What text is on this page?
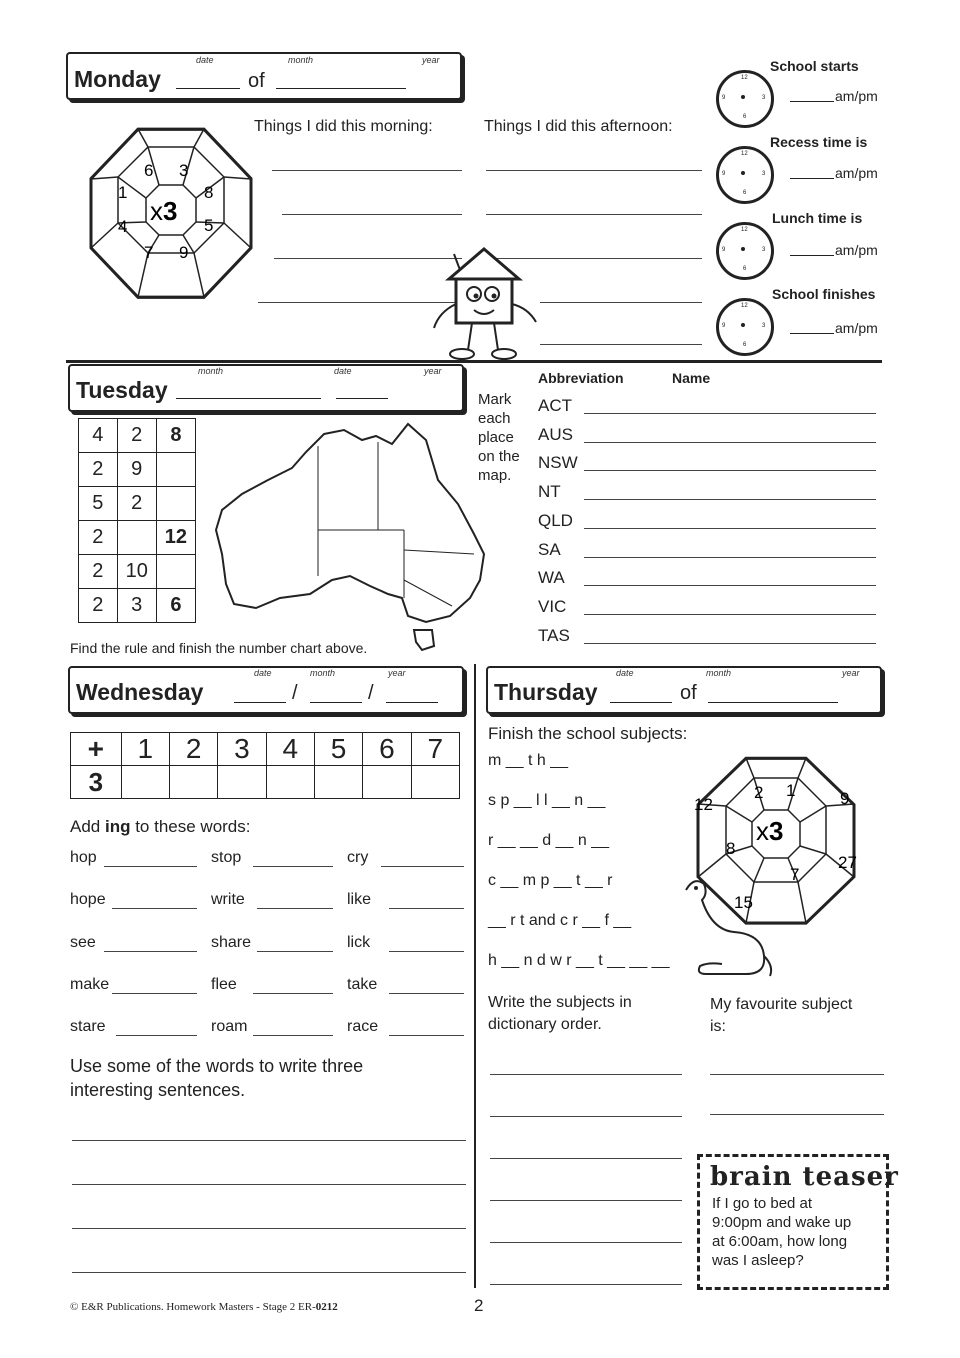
Monday
date	month	year
of
x3
6 3
8
5
9
7
4
1
Things I did this morning:	Things I did this afternoon:
12
3
6
9
12
3
6
9
12
3
6
9
12
3
6
9
School starts
am/pm
Recess time is
am/pm
Lunch time is
am/pm
School finishes
am/pm
Tuesday
month	date	year
4	2	8
2	9	
5	2	
2		12
2	10	
2	3	6
Mark each place on the map.
Abbreviation	Name
ACT
AUS
NSW
NT
QLD
SA
WA
VIC
TAS
Find the rule and finish the number chart above.
Wednesday
date	month	year
/	/
+	1	2	3	4	5	6	7
3							
Add ing to these words:
hop	stop	cry
hope	write	like
see	share	lick
make	flee	take
stare	roam	race
Use some of the words to write three
interesting sentences.
Thursday
date	month	year
of
Finish the school subjects:
m __ t h __
s p __ l l __ n __
r __ __ d __ n __
c __ m p __ t __ r
__ r t and c r __ f __
h __ n d w r __ t __ __ __
x3
2 1	9
27
7
15
8
12
Write the subjects in
dictionary order.
My favourite subject
is:
brain teaser
If I go to bed at
9:00pm and wake up
at 6:00am, how long
was I asleep?
© E&R Publications. Homework Masters - Stage 2 ER-0212	2
